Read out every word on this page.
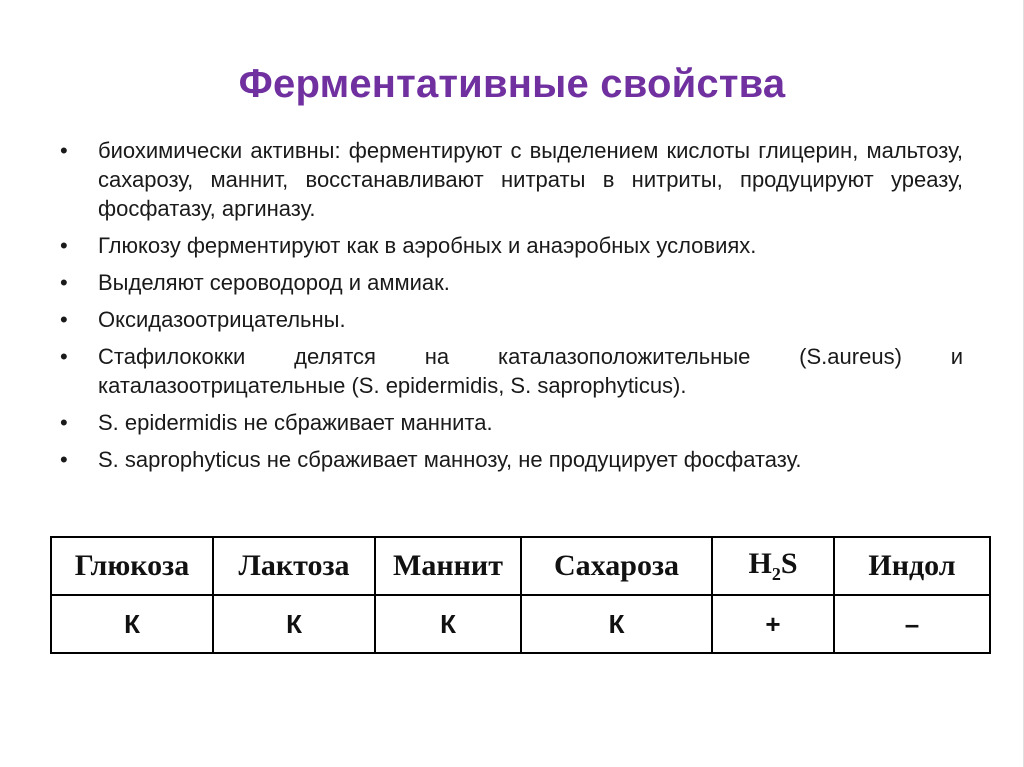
Ферментативные свойства
• биохимически активны: ферментируют с выделением кислоты глицерин, мальтозу, сахарозу, маннит, восстанавливают нитраты в нитриты, продуцируют уреазу, фосфатазу, аргиназу.
• Глюкозу ферментируют как в аэробных и анаэробных условиях.
• Выделяют сероводород и аммиак.
• Оксидазоотрицательны.
• Стафилококки делятся на каталазоположительные (S.aureus) и каталазоотрицательные (S. epidermidis, S. saprophyticus).
• S. epidermidis не сбраживает маннита.
• S. saprophyticus не сбраживает маннозу, не продуцирует фосфатазу.
Глюкоза	Лактоза	Маннит	Сахароза	$H_2S$	Индол
К	К	К	К	+	–
